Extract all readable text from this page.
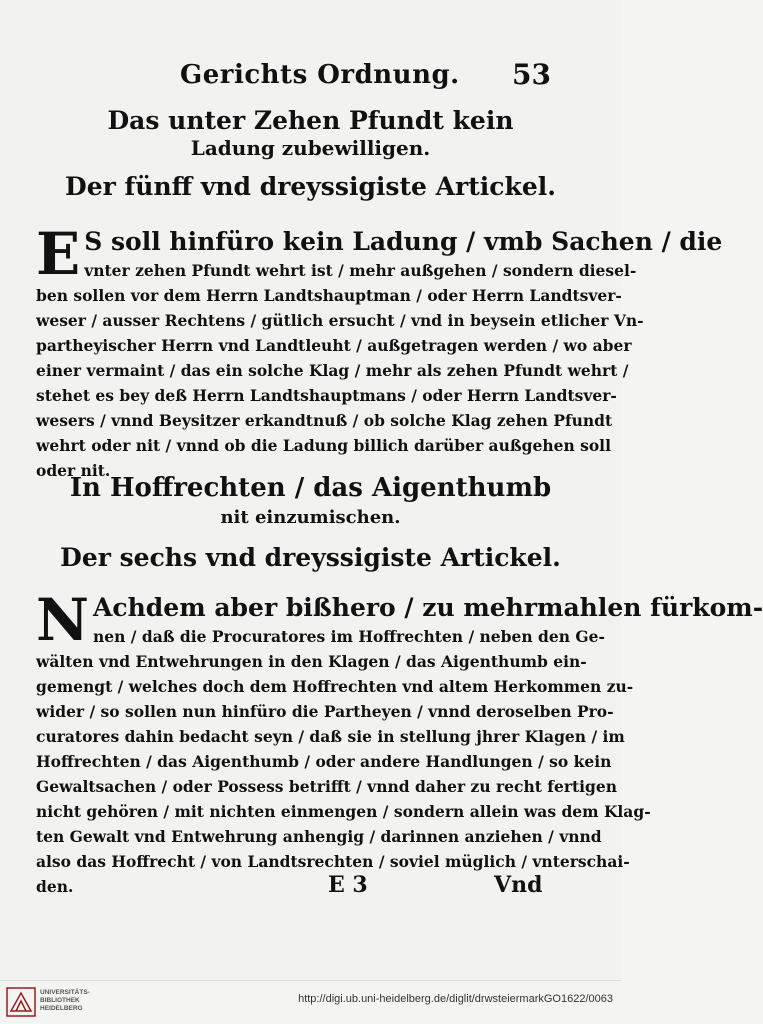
Gerichts Ordnung. 53
Das unter Zehen Pfundt kein
Ladung zubewilligen.
Der fünff vnd dreyssigiste Artickel.
E S soll hinfüro kein Ladung / vmb Sachen / die
vnter zehen Pfundt wehrt ist / mehr außgehen / sondern diesel-
ben sollen vor dem Herrn Landtshauptman / oder Herrn Landtsver-
weser / ausser Rechtens / gütlich ersucht / vnd in beysein etlicher Vn-
partheyischer Herrn vnd Landtleuht / außgetragen werden / wo aber
einer vermaint / das ein solche Klag / mehr als zehen Pfundt wehrt /
stehet es bey deß Herrn Landtshauptmans / oder Herrn Landtsver-
wesers / vnnd Beysitzer erkandtnuß / ob solche Klag zehen Pfundt
wehrt oder nit / vnnd ob die Ladung billich darüber außgehen soll
oder nit.
In Hoffrechten / das Aigenthumb
nit einzumischen.
Der sechs vnd dreyssigiste Artickel.
N Achdem aber bißhero / zu mehrmahlen fürkom-
nen / daß die Procuratores im Hoffrechten / neben den Ge-
wälten vnd Entwehrungen in den Klagen / das Aigenthumb ein-
gemengt / welches doch dem Hoffrechten vnd altem Herkommen zu-
wider / so sollen nun hinfüro die Partheyen / vnnd deroselben Pro-
curatores dahin bedacht seyn / daß sie in stellung jhrer Klagen / im
Hoffrechten / das Aigenthumb / oder andere Handlungen / so kein
Gewaltsachen / oder Possess betrifft / vnnd daher zu recht fertigen
nicht gehören / mit nichten einmengen / sondern allein was dem Klag-
ten Gewalt vnd Entwehrung anhengig / darinnen anziehen / vnnd
also das Hoffrecht / von Landtsrechten / soviel müglich / vnterschai-
den.	E 3	Vnd
UNIVERSITÄTS-
BIBLIOTHEK
HEIDELBERG
http://digi.ub.uni-heidelberg.de/diglit/drwsteiermarkGO1622/0063
